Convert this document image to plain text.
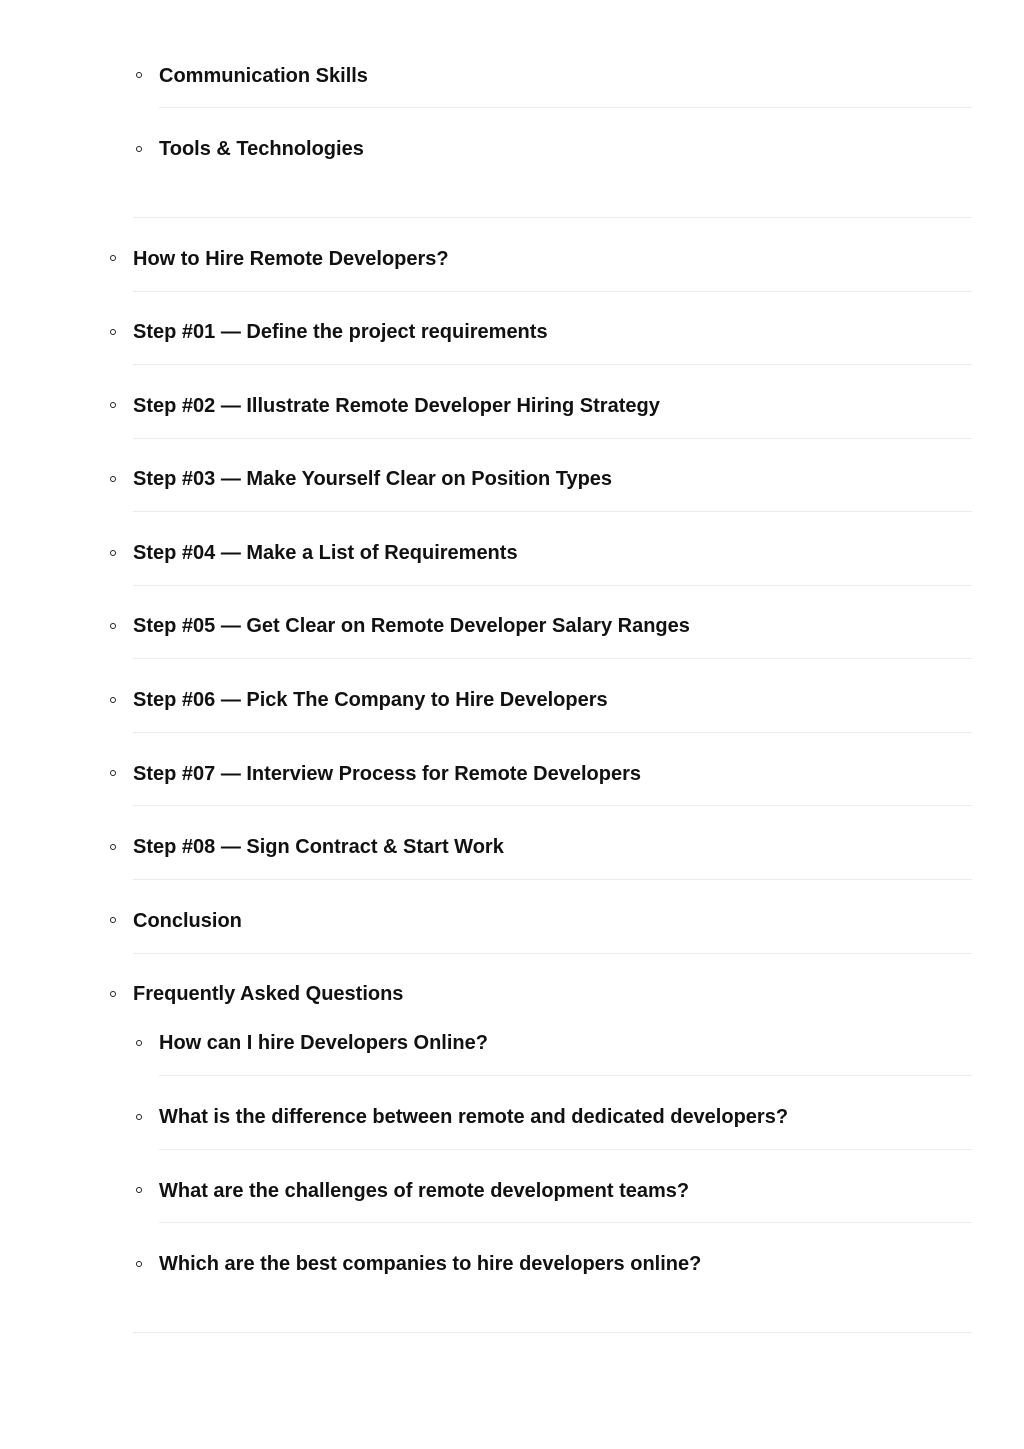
Communication Skills
Tools & Technologies
How to Hire Remote Developers?
Step #01 — Define the project requirements
Step #02 — Illustrate Remote Developer Hiring Strategy
Step #03 — Make Yourself Clear on Position Types
Step #04 — Make a List of Requirements
Step #05 — Get Clear on Remote Developer Salary Ranges
Step #06 — Pick The Company to Hire Developers
Step #07 — Interview Process for Remote Developers
Step #08 — Sign Contract & Start Work
Conclusion
Frequently Asked Questions
How can I hire Developers Online?
What is the difference between remote and dedicated developers?
What are the challenges of remote development teams?
Which are the best companies to hire developers online?
